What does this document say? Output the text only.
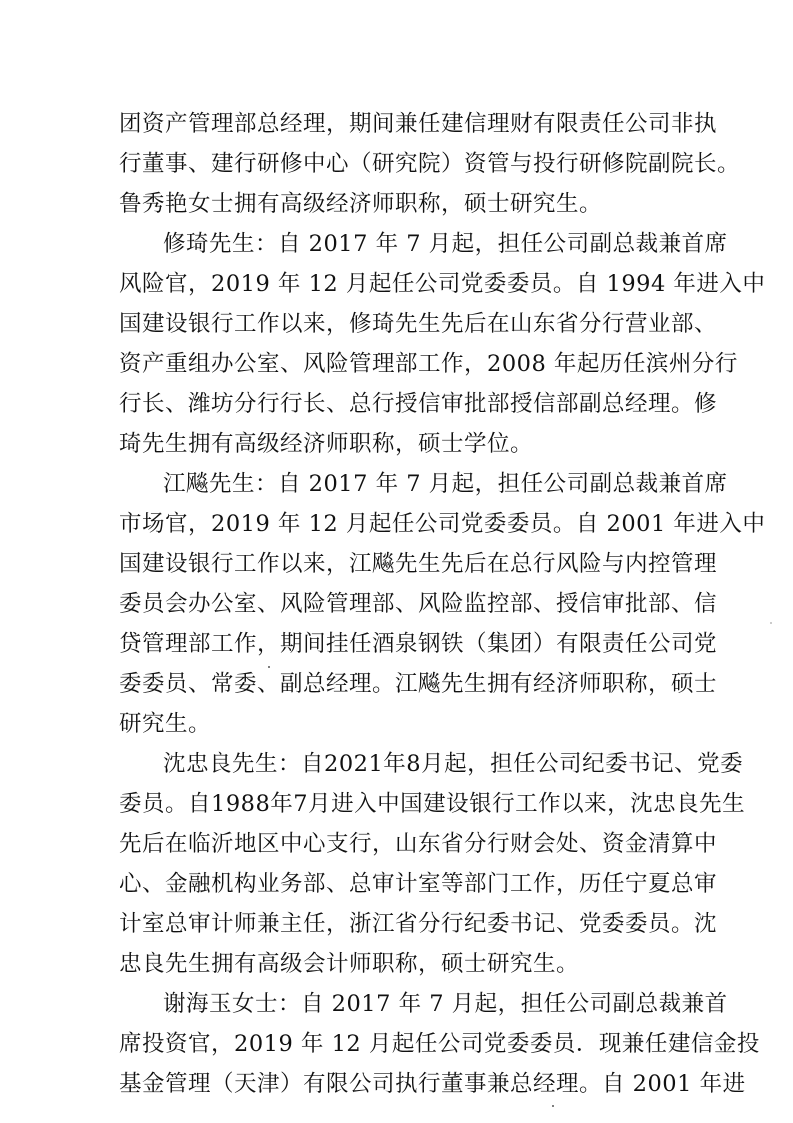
团资产管理部总经理，期间兼任建信理财有限责任公司非执
行董事、建行研修中心（研究院）资管与投行研修院副院长。
鲁秀艳女士拥有高级经济师职称，硕士研究生。
修琦先生：自 2017 年 7 月起，担任公司副总裁兼首席
风险官，2019 年 12 月起任公司党委委员。自 1994 年进入中
国建设银行工作以来，修琦先生先后在山东省分行营业部、
资产重组办公室、风险管理部工作，2008 年起历任滨州分行
行长、潍坊分行行长、总行授信审批部授信部副总经理。修
琦先生拥有高级经济师职称，硕士学位。
江飚先生：自 2017 年 7 月起，担任公司副总裁兼首席
市场官，2019 年 12 月起任公司党委委员。自 2001 年进入中
国建设银行工作以来，江飚先生先后在总行风险与内控管理
委员会办公室、风险管理部、风险监控部、授信审批部、信
贷管理部工作，期间挂任酒泉钢铁（集团）有限责任公司党
委委员、常委、副总经理。江飚先生拥有经济师职称，硕士
研究生。
沈忠良先生：自2021年8月起，担任公司纪委书记、党委
委员。自1988年7月进入中国建设银行工作以来，沈忠良先生
先后在临沂地区中心支行，山东省分行财会处、资金清算中
心、金融机构业务部、总审计室等部门工作，历任宁夏总审
计室总审计师兼主任，浙江省分行纪委书记、党委委员。沈
忠良先生拥有高级会计师职称，硕士研究生。
谢海玉女士：自 2017 年 7 月起，担任公司副总裁兼首
席投资官，2019 年 12 月起任公司党委委员．现兼任建信金投
基金管理（天津）有限公司执行董事兼总经理。自 2001 年进
